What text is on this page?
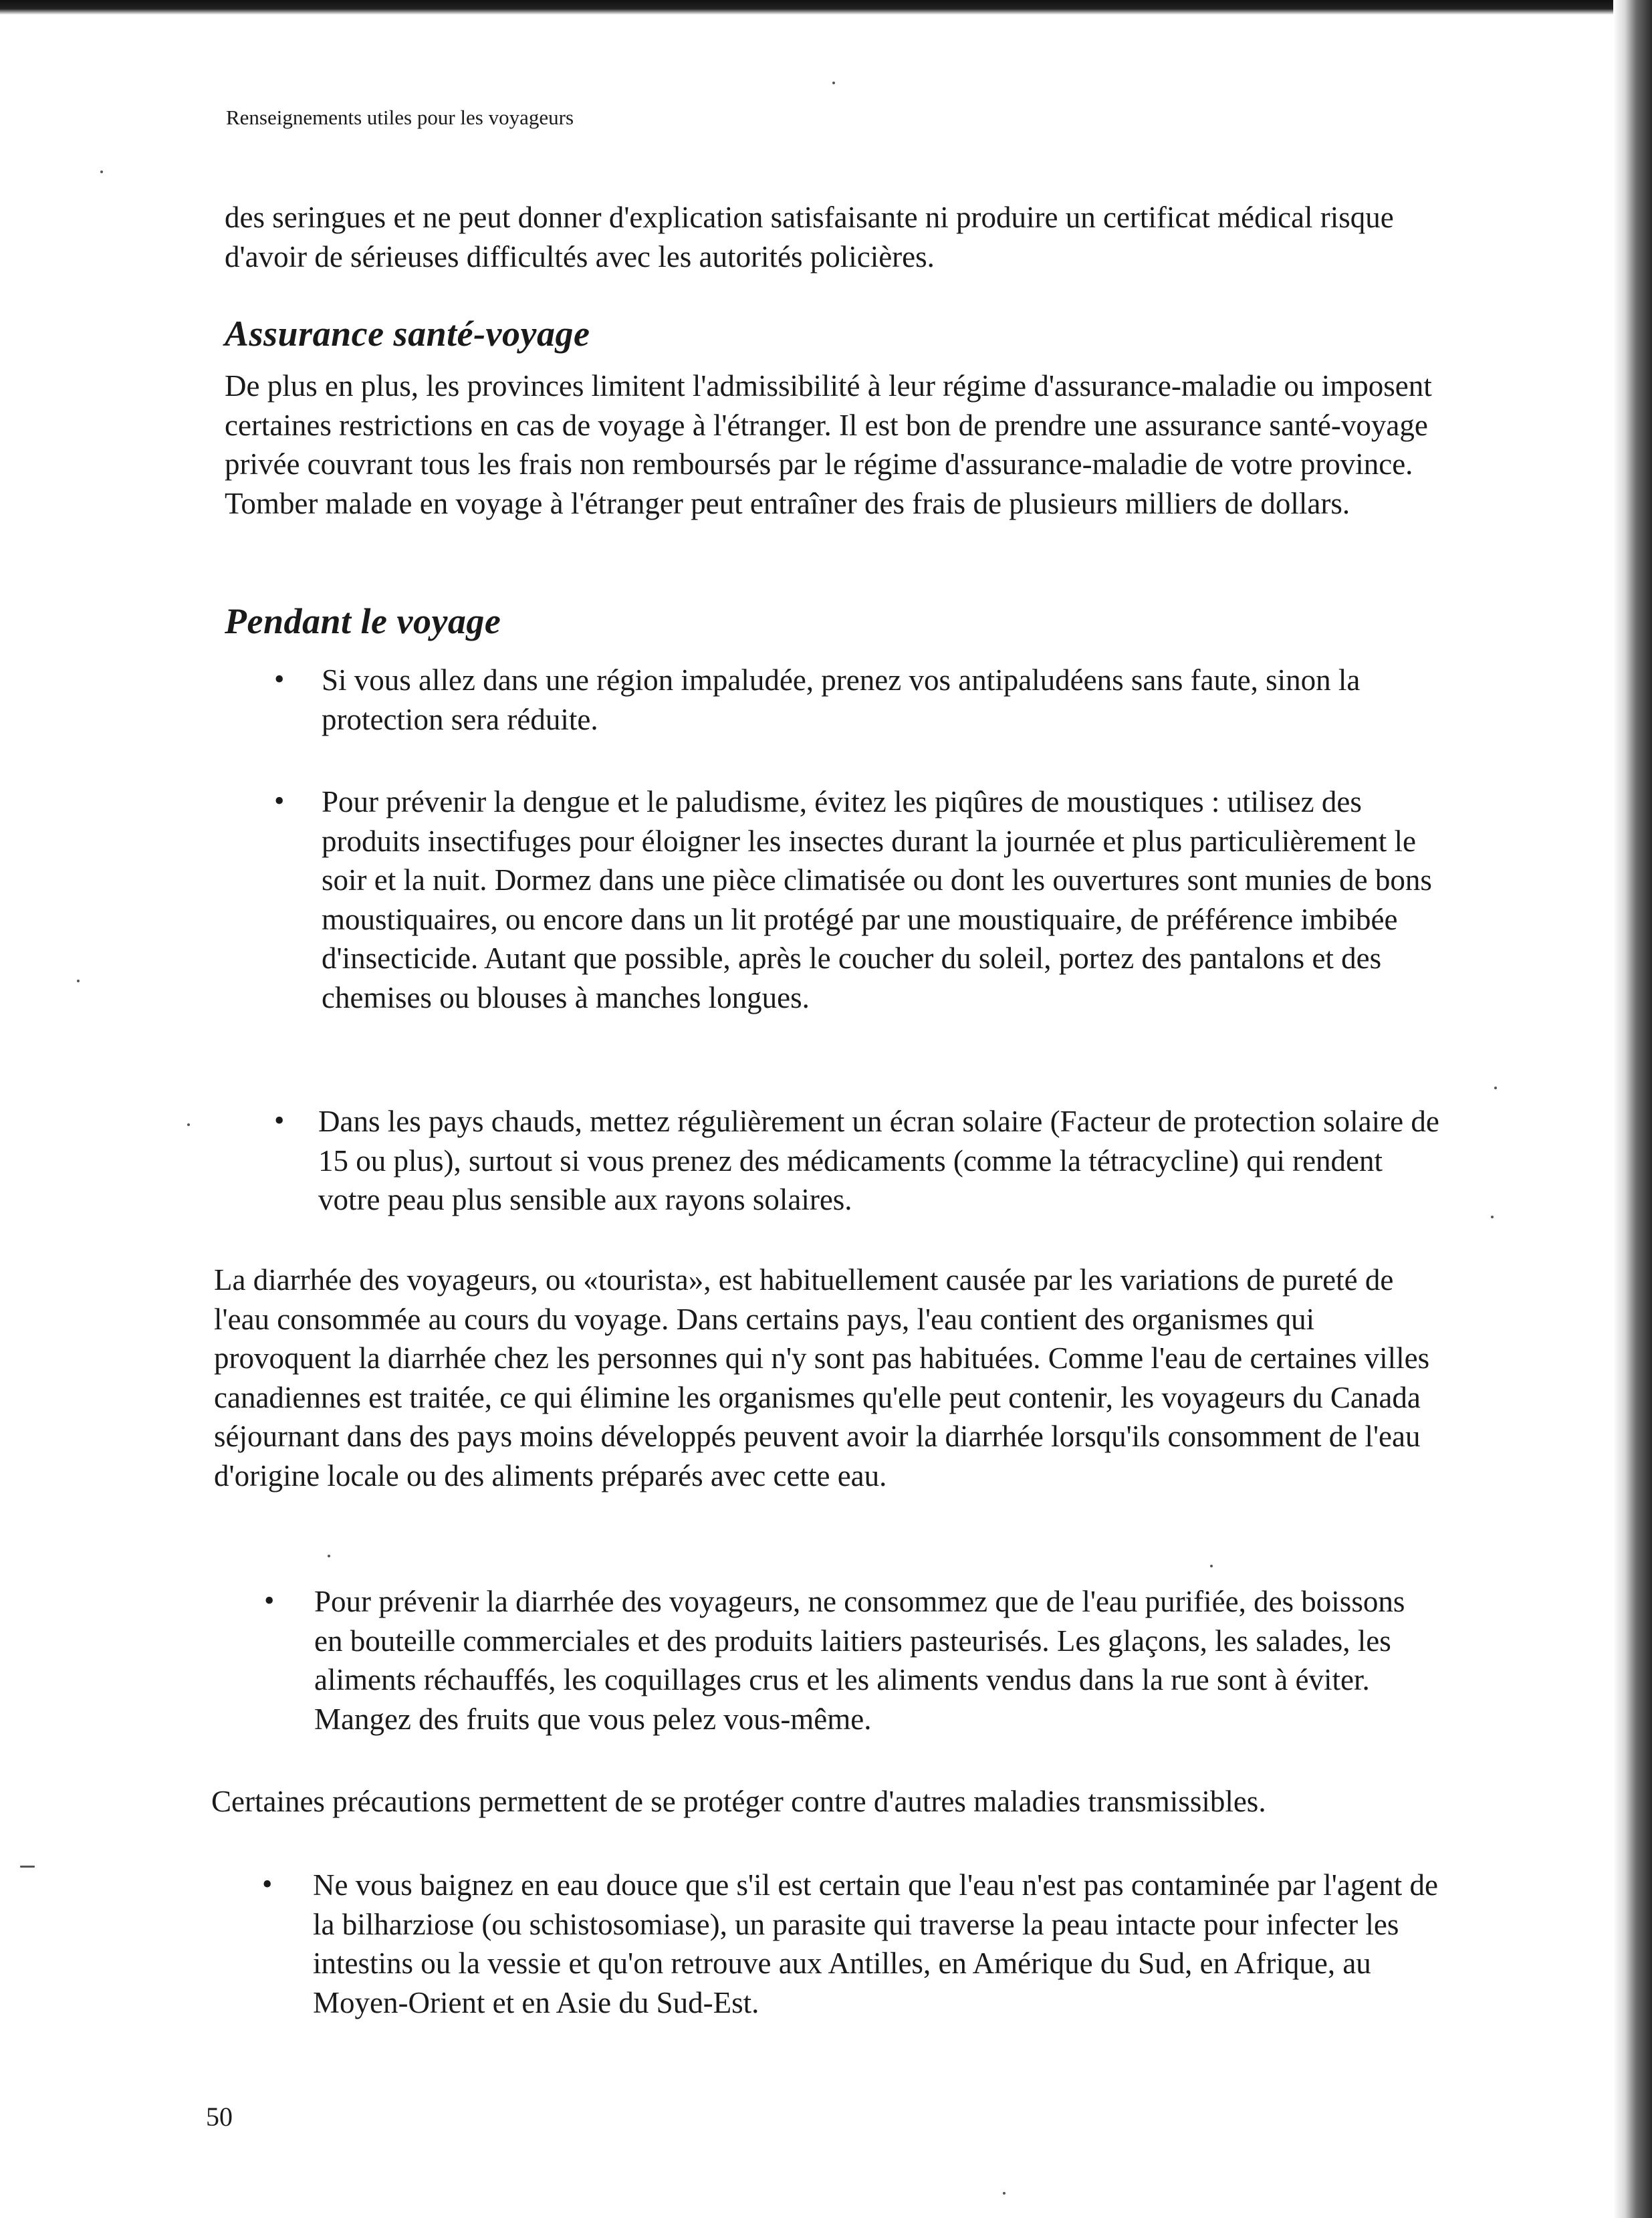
Renseignements utiles pour les voyageurs

des seringues et ne peut donner d'explication satisfaisante ni produire un certificat médical risque d'avoir de sérieuses difficultés avec les autorités policières.

Assurance santé-voyage

De plus en plus, les provinces limitent l'admissibilité à leur régime d'assurance-maladie ou imposent certaines restrictions en cas de voyage à l'étranger. Il est bon de prendre une assurance santé-voyage privée couvrant tous les frais non remboursés par le régime d'assurance-maladie de votre province. Tomber malade en voyage à l'étranger peut entraîner des frais de plusieurs milliers de dollars.

Pendant le voyage
• Si vous allez dans une région impaludée, prenez vos antipaludéens sans faute, sinon la protection sera réduite.

• Pour prévenir la dengue et le paludisme, évitez les piqûres de moustiques : utilisez des produits insectifuges pour éloigner les insectes durant la journée et plus particulièrement le soir et la nuit. Dormez dans une pièce climatisée ou dont les ouvertures sont munies de bons moustiquaires, ou encore dans un lit protégé par une moustiquaire, de préférence imbibée d'insecticide. Autant que possible, après le coucher du soleil, portez des pantalons et des chemises ou blouses à manches longues.

• Dans les pays chauds, mettez régulièrement un écran solaire (Facteur de protection solaire de 15 ou plus), surtout si vous prenez des médicaments (comme la tétracycline) qui rendent votre peau plus sensible aux rayons solaires.

La diarrhée des voyageurs, ou «tourista», est habituellement causée par les variations de pureté de l'eau consommée au cours du voyage. Dans certains pays, l'eau contient des organismes qui provoquent la diarrhée chez les personnes qui n'y sont pas habituées. Comme l'eau de certaines villes canadiennes est traitée, ce qui élimine les organismes qu'elle peut contenir, les voyageurs du Canada séjournant dans des pays moins développés peuvent avoir la diarrhée lorsqu'ils consomment de l'eau d'origine locale ou des aliments préparés avec cette eau.

• Pour prévenir la diarrhée des voyageurs, ne consommez que de l'eau purifiée, des boissons en bouteille commerciales et des produits laitiers pasteurisés. Les glaçons, les salades, les aliments réchauffés, les coquillages crus et les aliments vendus dans la rue sont à éviter. Mangez des fruits que vous pelez vous-même.

Certaines précautions permettent de se protéger contre d'autres maladies transmissibles.

• Ne vous baignez en eau douce que s'il est certain que l'eau n'est pas contaminée par l'agent de la bilharziose (ou schistosomiase), un parasite qui traverse la peau intacte pour infecter les intestins ou la vessie et qu'on retrouve aux Antilles, en Amérique du Sud, en Afrique, au Moyen-Orient et en Asie du Sud-Est.

50
